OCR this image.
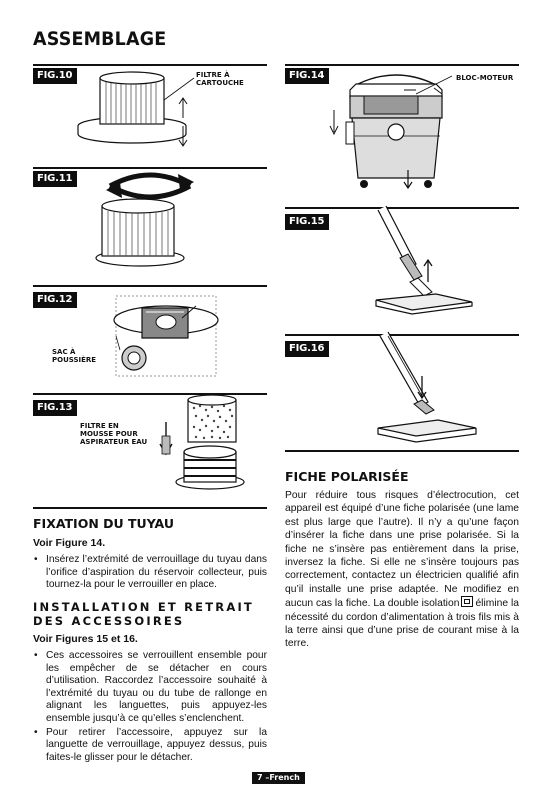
ASSEMBLAGE
FIG.10	FILTRE À CARTOUCHE
FIG.11
FIG.12
SAC À POUSSIÈRE
FIG.13
FILTRE EN MOUSSE POUR ASPIRATEUR EAU
FIG.14	BLOC-MOTEUR
FIG.15
FIG.16
FIXATION DU TUYAU

Voir Figure 14.

• Insérez l’extrémité de verrouillage du tuyau dans l’orifice d’aspiration du réservoir collecteur, puis tournez-la pour le verrouiller en place.
INSTALLATION ET RETRAIT DES ACCESSOIRES

Voir Figures 15 et 16.

• Ces accessoires se verrouillent ensemble pour les empêcher de se détacher en cours d’utilisation. Raccordez l’accessoire souhaité à l’extrémité du tuyau ou du tube de rallonge en alignant les languettes, puis appuyez-les ensemble jusqu’à ce qu’elles s’enclenchent.
• Pour retirer l’accessoire, appuyez sur la languette de verrouillage, appuyez dessus, puis faites-le glisser pour le détacher.
FICHE POLARISÉE

Pour réduire tous risques d’électrocution, cet appareil est équipé d’une fiche polarisée (une lame est plus large que l’autre). Il n’y a qu’une façon d’insérer la fiche dans une prise polarisée. Si la fiche ne s’insère pas entièrement dans la prise, inversez la fiche. Si elle ne s’insère toujours pas correctement, contactez un électricien qualifié afin qu’il installe une prise adaptée. Ne modifiez en aucun cas la fiche. La double isolation élimine la nécessité du cordon d’alimentation à trois fils mis à la terre ainsi que d’une prise de courant mise à la terre.

7 –French
